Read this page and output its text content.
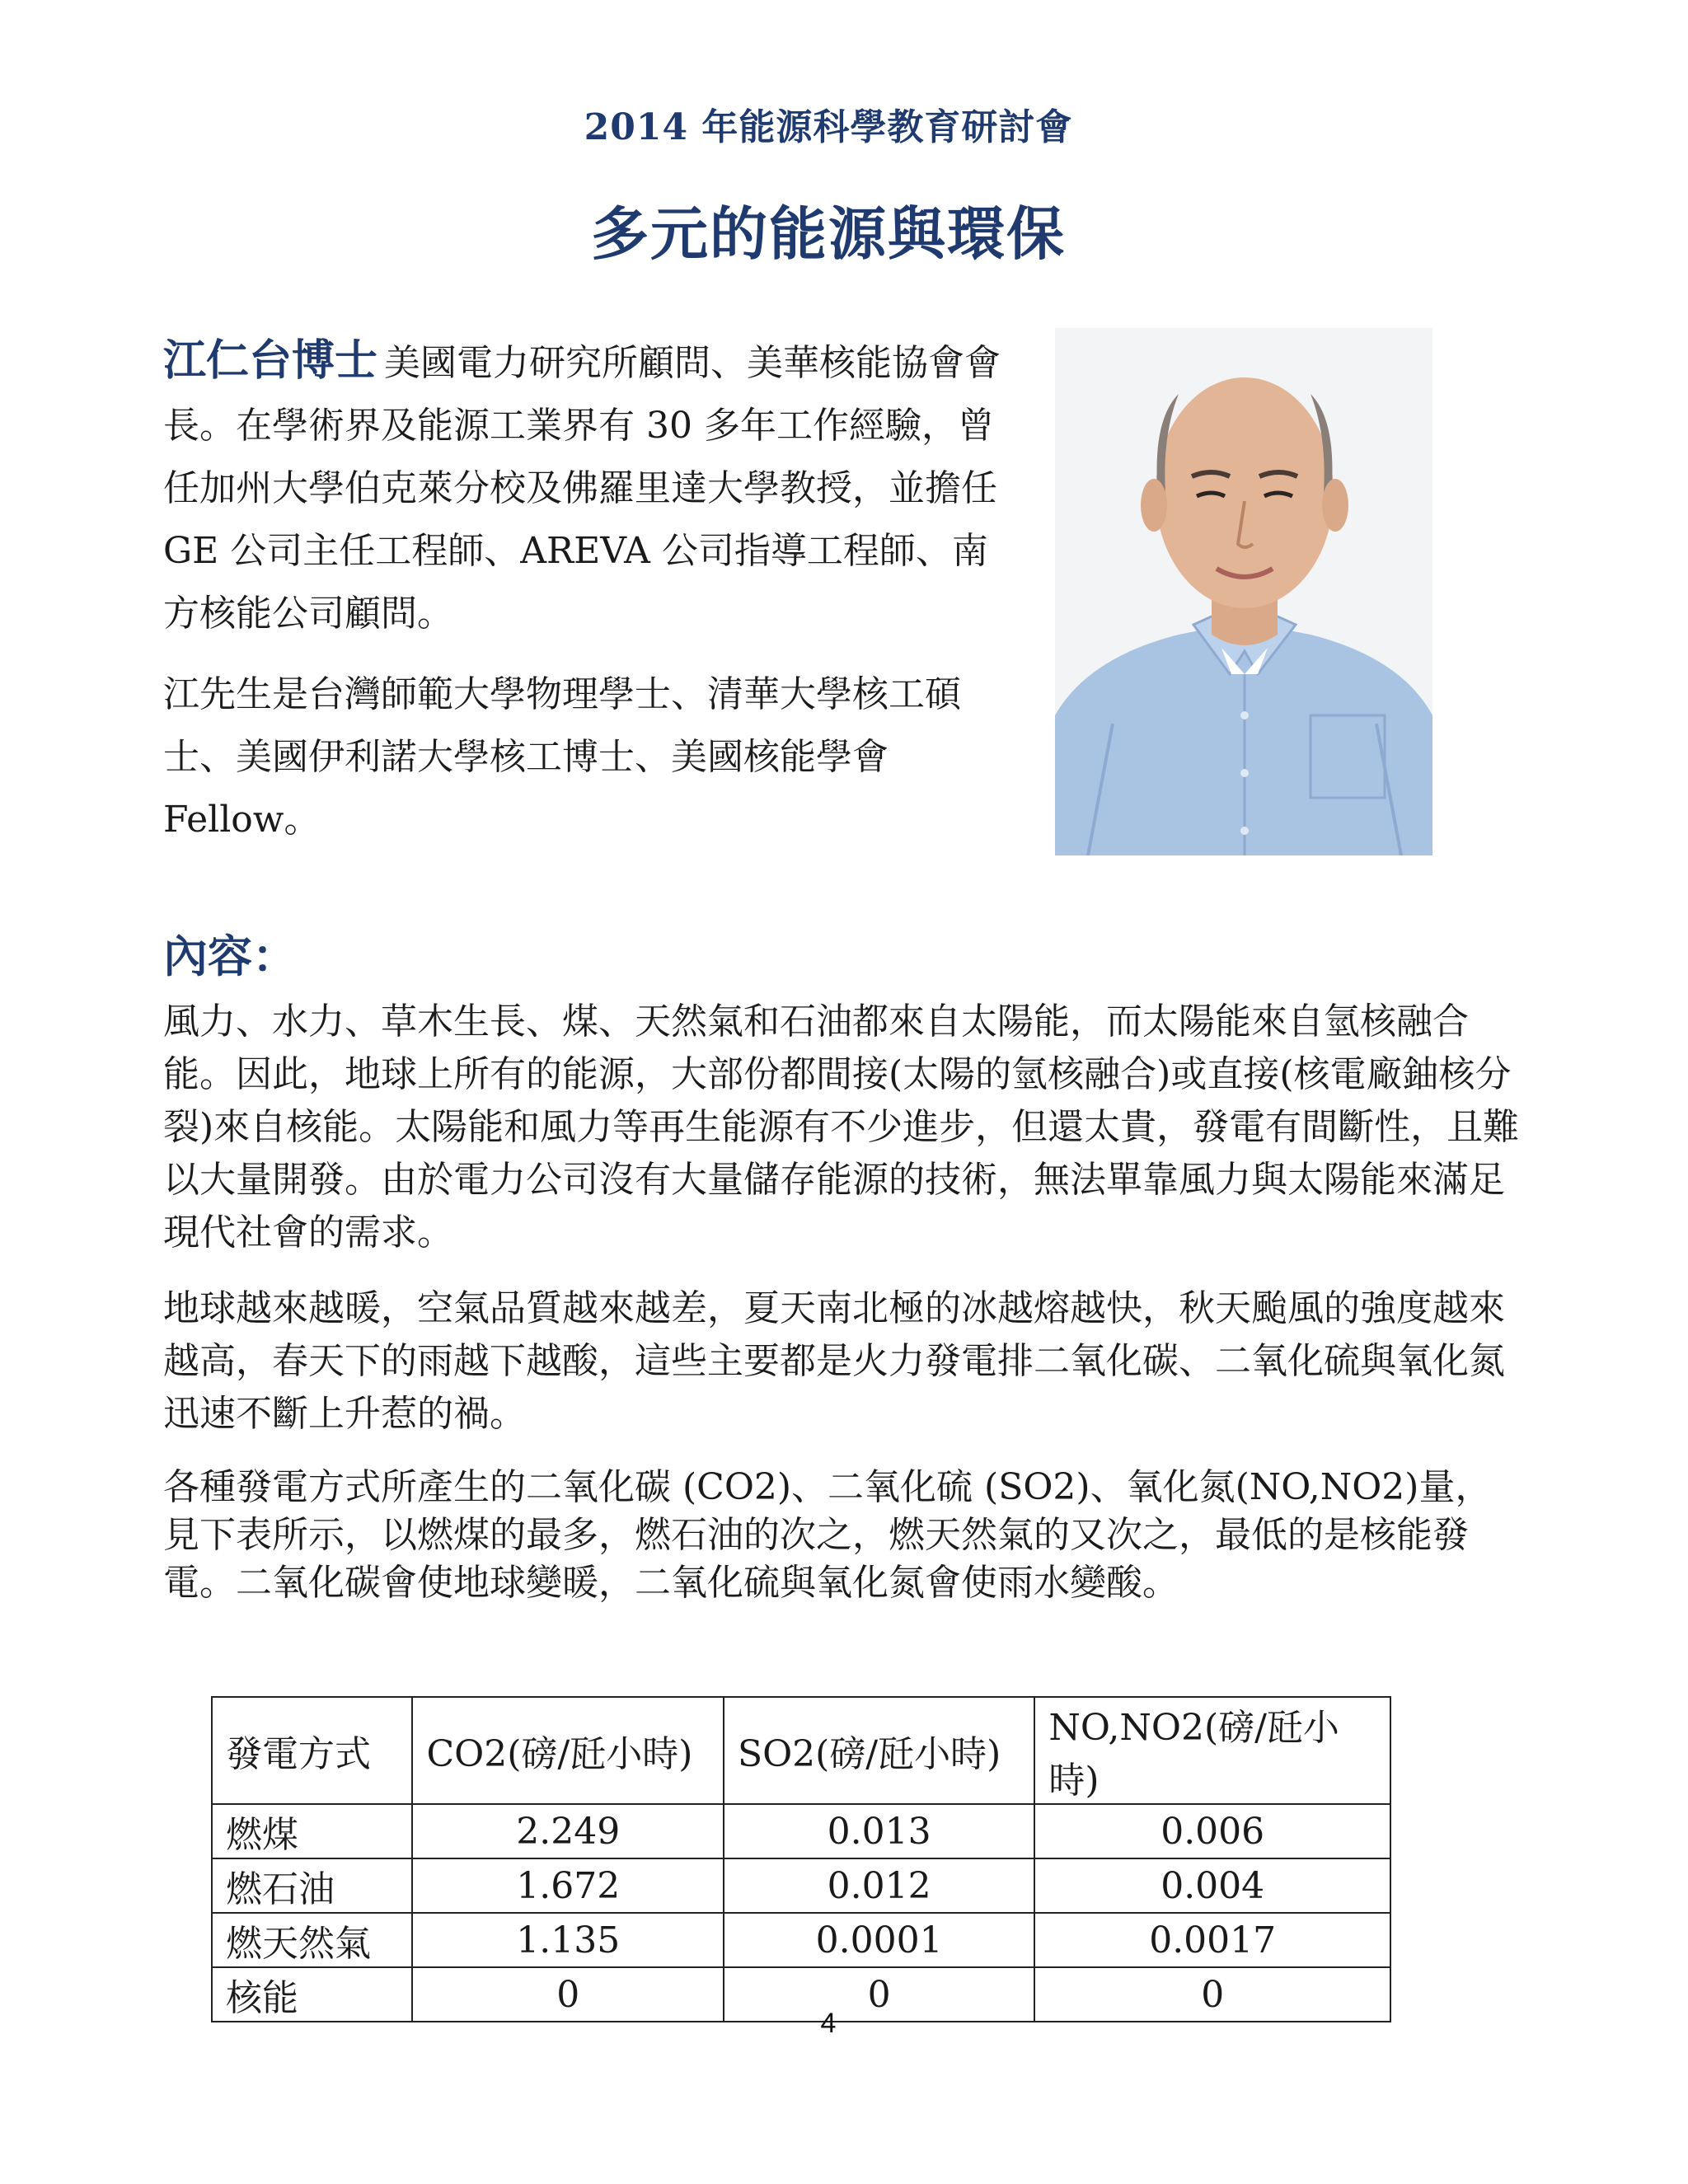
2014 年能源科學教育研討會
多元的能源與環保

江仁台博士 美國電力研究所顧問、美華核能協會會長。在學術界及能源工業界有 30 多年工作經驗，曾任加州大學伯克萊分校及佛羅里達大學教授，並擔任 GE 公司主任工程師、AREVA 公司指導工程師、南方核能公司顧問。

江先生是台灣師範大學物理學士、清華大學核工碩士、美國伊利諾大學核工博士、美國核能學會 Fellow。

內容：

風力、水力、草木生長、煤、天然氣和石油都來自太陽能，而太陽能來自氫核融合能。因此，地球上所有的能源，大部份都間接(太陽的氫核融合)或直接(核電廠鈾核分裂)來自核能。太陽能和風力等再生能源有不少進步，但還太貴，發電有間斷性，且難以大量開發。由於電力公司沒有大量儲存能源的技術，無法單靠風力與太陽能來滿足現代社會的需求。

地球越來越暖，空氣品質越來越差，夏天南北極的冰越熔越快，秋天颱風的強度越來越高，春天下的雨越下越酸，這些主要都是火力發電排二氧化碳、二氧化硫與氧化氮迅速不斷上升惹的禍。

各種發電方式所產生的二氧化碳 (CO2)、二氧化硫 (SO2)、氧化氮(NO,NO2)量，見下表所示，以燃煤的最多，燃石油的次之，燃天然氣的又次之，最低的是核能發電。二氧化碳會使地球變暖，二氧化硫與氧化氮會使雨水變酸。

發電方式	CO2(磅/瓩小時)	SO2(磅/瓩小時)	NO,NO2(磅/瓩小時)
燃煤	2.249	0.013	0.006
燃石油	1.672	0.012	0.004
燃天然氣	1.135	0.0001	0.0017
核能	0	0	0
4
